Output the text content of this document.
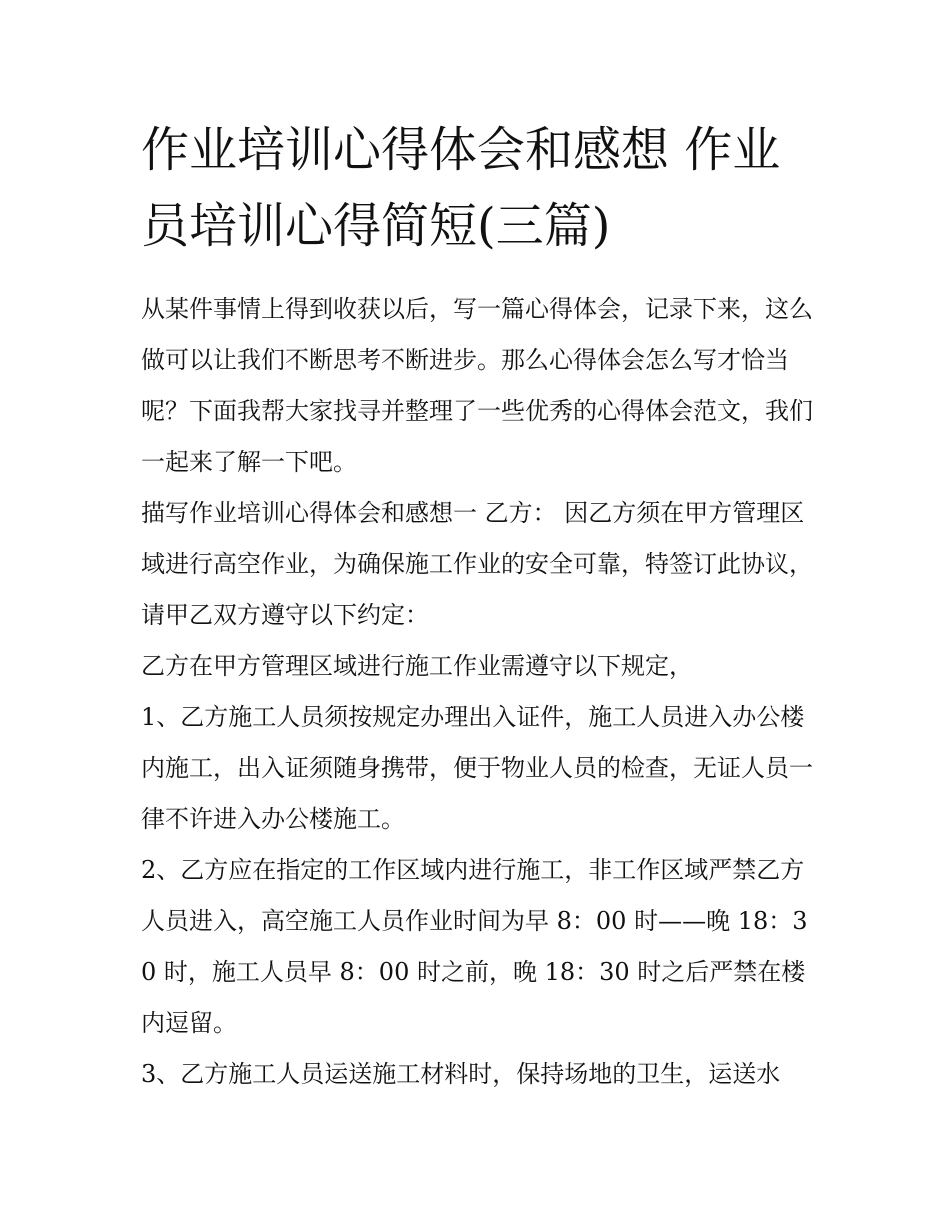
作业培训心得体会和感想 作业员培训心得简短(三篇)

从某件事情上得到收获以后，写一篇心得体会，记录下来，这么做可以让我们不断思考不断进步。那么心得体会怎么写才恰当呢？下面我帮大家找寻并整理了一些优秀的心得体会范文，我们一起来了解一下吧。

描写作业培训心得体会和感想一 乙方： 因乙方须在甲方管理区域进行高空作业，为确保施工作业的安全可靠，特签订此协议，请甲乙双方遵守以下约定：

乙方在甲方管理区域进行施工作业需遵守以下规定，

1、乙方施工人员须按规定办理出入证件，施工人员进入办公楼内施工，出入证须随身携带，便于物业人员的检查，无证人员一律不许进入办公楼施工。

2、乙方应在指定的工作区域内进行施工，非工作区域严禁乙方人员进入，高空施工人员作业时间为早 8：00 时——晚 18：30 时，施工人员早 8：00 时之前，晚 18：30 时之后严禁在楼内逗留。

3、乙方施工人员运送施工材料时，保持场地的卫生，运送水
